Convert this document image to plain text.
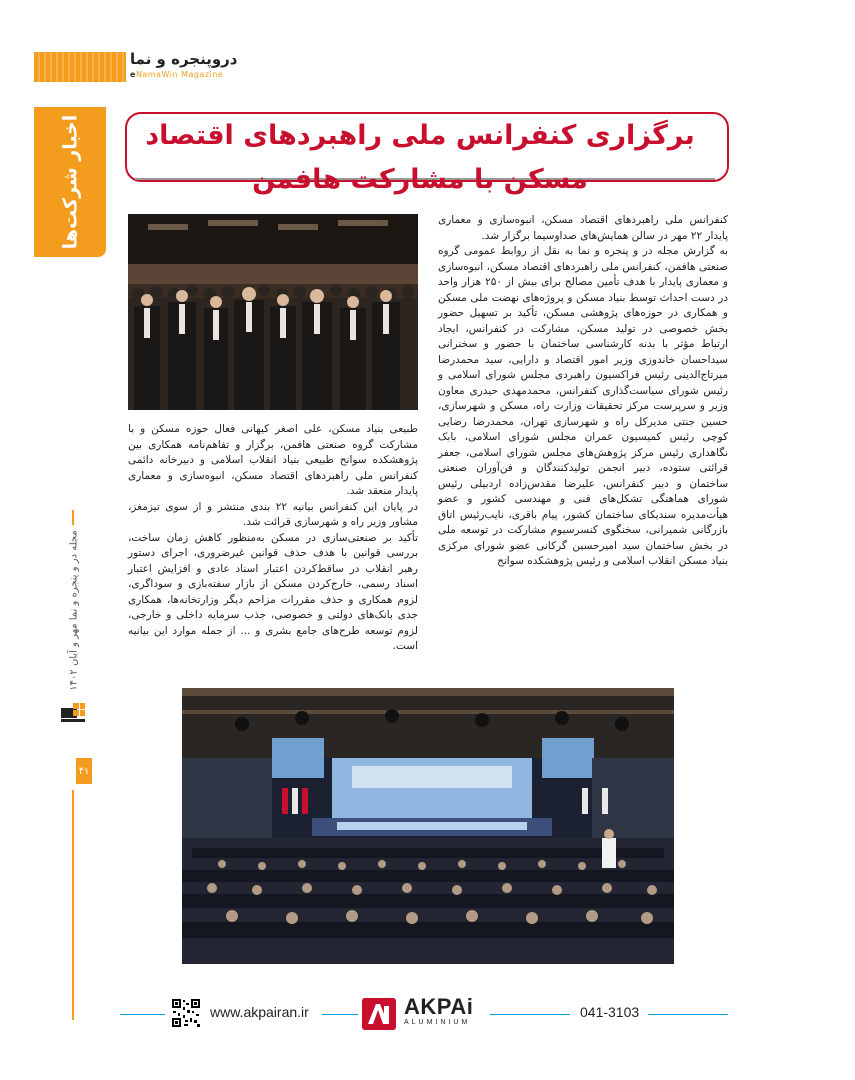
دروپنجره و نما
eNamaWin Magazine
اخبار شرکت‌ها
مجله در و پنجره و نما مهر و آبان ۱۴۰۲
۴۱
برگزاری کنفرانس ملی راهبردهای اقتصاد مسکن با مشارکت هافمن

کنفرانس ملی راهبردهای اقتصاد مسکن، انبوه‌سازی و معماری پایدار ۲۲ مهر در سالن همایش‌های صداوسیما برگزار شد.

به گزارش مجله در و پنجره و نما به نقل از روابط عمومی گروه صنعتی هافمن، کنفرانس ملی راهبردهای اقتصاد مسکن، انبوه‌سازی و معماری پایدار با هدف تأمین مصالح برای بیش از ۲۵۰ هزار واحد در دست احداث توسط بنیاد مسکن و پروژه‌های نهضت ملی مسکن و همکاری در حوزه‌های پژوهشی مسکن، تأکید بر تسهیل حضور بخش خصوصی در تولید مسکن، مشارکت در کنفرانس، ایجاد ارتباط مؤثر با بدنه کارشناسی ساختمان با حضور و سخنرانی سیداحسان خاندوزی وزیر امور اقتصاد و دارایی، سید محمدرضا میرتاج‌الدینی رئیس فراکسیون راهبردی مجلس شورای اسلامی و رئیس شورای سیاست‌گذاری کنفرانس، محمدمهدی حیدری معاون وزیر و سرپرست مرکز تحقیقات وزارت راه، مسکن و شهرسازی، حسین جنتی مدیرکل راه و شهرسازی تهران، محمدرضا رضایی کوچی رئیس کمیسیون عمران مجلس شورای اسلامی، بابک نگاهداری رئیس مرکز پژوهش‌های مجلس شورای اسلامی، جعفر قرائتی ستوده، دبیر انجمن تولیدکنندگان و فن‌آوران صنعتی ساختمان و دبیر کنفرانس، علیرضا مقدس‌زاده اردبیلی رئیس شورای هماهنگی تشکل‌های فنی و مهندسی کشور و عضو هیأت‌مدیره سندیکای ساختمان کشور، پیام باقری، نایب‌رئیس اتاق بازرگانی شمیرانی، سخنگوی کنسرسیوم مشارکت در توسعه ملی در بخش ساختمان سید امیرحسین گرکانی عضو شورای مرکزی بنیاد مسکن انقلاب اسلامی و رئیس پژوهشکده سوانح

طبیعی بنیاد مسکن، علی اصغر کیهانی فعال حوزه مسکن و با مشارکت گروه صنعتی هافمن، برگزار و تفاهم‌نامه همکاری بین پژوهشکده سوانح طبیعی بنیاد انقلاب اسلامی و دبیرخانه دائمی کنفرانس ملی راهبردهای اقتصاد مسکن، انبوه‌سازی و معماری پایدار منعقد شد.

در پایان این کنفرانس بیانیه ۲۲ بندی منتشر و از سوی تیزمغز، مشاور وزیر راه و شهرسازی قرائت شد.

تأکید بر صنعتی‌سازی در مسکن به‌منظور کاهش زمان ساخت، بررسی قوانین با هدف حذف قوانین غیرضروری، اجرای دستور رهبر انقلاب در ساقط‌کردن اعتبار اسناد عادی و افزایش اعتبار اسناد رسمی، خارج‌کردن مسکن از بازار سفته‌بازی و سوداگری، لزوم همکاری و حذف مقررات مزاحم دیگر وزارتخانه‌ها، همکاری جدی بانک‌های دولتی و خصوصی، جذب سرمایه داخلی و خارجی، لزوم توسعه طرح‌های جامع بشری و ... از جمله موارد این بیانیه است.

www.akpairan.ir	AKPAi
ALUMINIUM
041-3103
